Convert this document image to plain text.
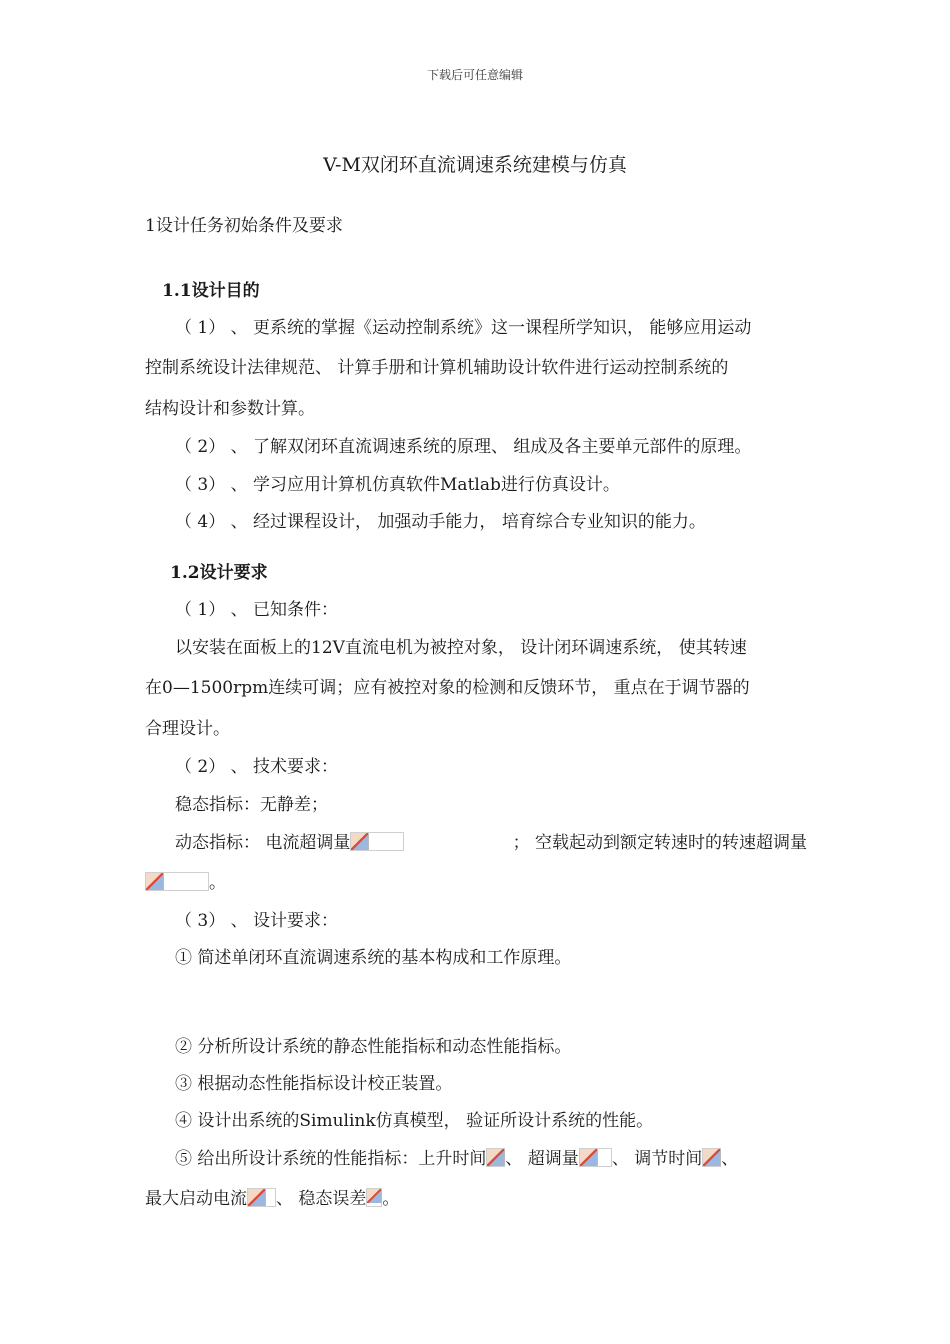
下载后可任意编辑
V-M双闭环直流调速系统建模与仿真
1设计任务初始条件及要求
1.1设计目的
（ 1） 、 更系统的掌握《运动控制系统》这一课程所学知识， 能够应用运动
控制系统设计法律规范、 计算手册和计算机辅助设计软件进行运动控制系统的
结构设计和参数计算。
（ 2） 、 了解双闭环直流调速系统的原理、 组成及各主要单元部件的原理。
（ 3） 、 学习应用计算机仿真软件Matlab进行仿真设计。
（ 4） 、 经过课程设计， 加强动手能力， 培育综合专业知识的能力。
1.2设计要求
（ 1） 、 已知条件：
以安装在面板上的12V直流电机为被控对象， 设计闭环调速系统， 使其转速
在0—1500rpm连续可调；应有被控对象的检测和反馈环节， 重点在于调节器的
合理设计。
（ 2） 、 技术要求：
稳态指标：无静差；
动态指标： 电流超调量	； 空载起动到额定转速时的转速超调量
。
（ 3） 、 设计要求：
① 简述单闭环直流调速系统的基本构成和工作原理。
② 分析所设计系统的静态性能指标和动态性能指标。
③ 根据动态性能指标设计校正装置。
④ 设计出系统的Simulink仿真模型， 验证所设计系统的性能。
⑤ 给出所设计系统的性能指标：上升时间 、 超调量 、 调节时间 、
最大启动电流 、 稳态误差 。
